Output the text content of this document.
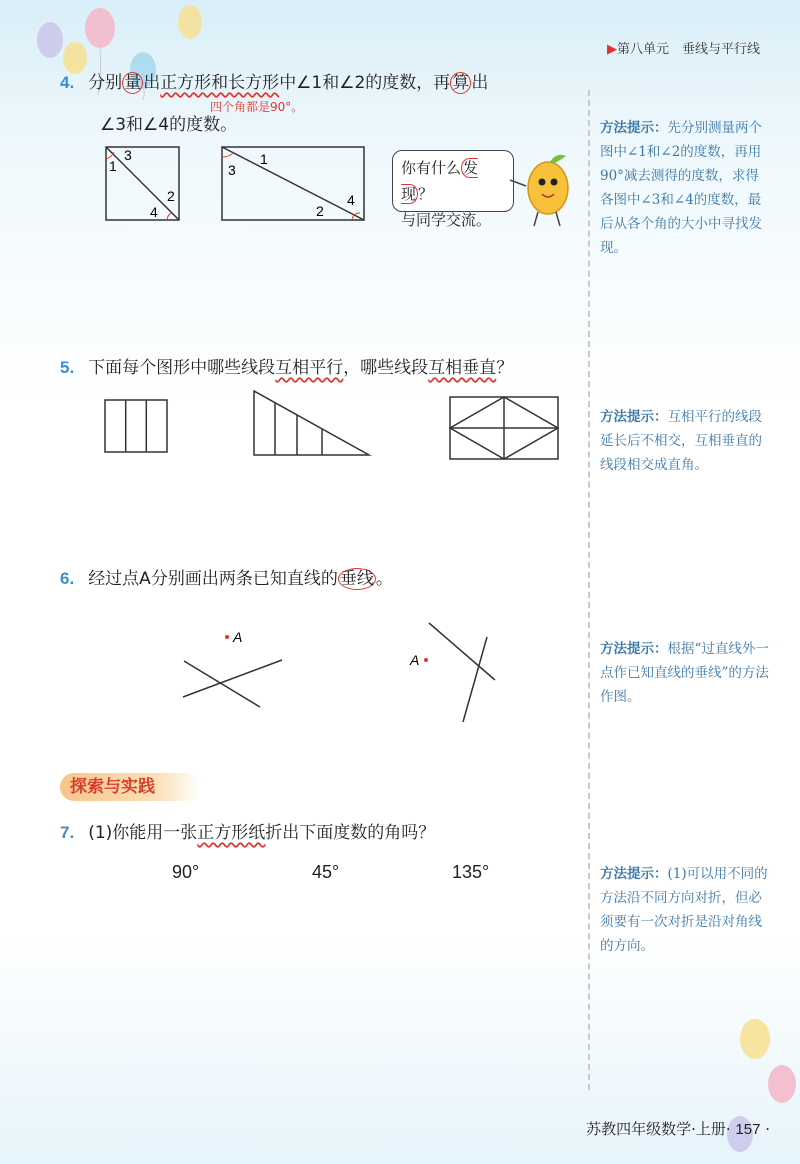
▶第八单元　垂线与平行线
4. 分别 量 出正方形和长方形中∠1和∠2的度数，再 算 出
四个角都是90°。
∠3和∠4的度数。
1
3
4
2
3
1
2
4
你有什么 发现 ？
与同学交流。
方法提示：先分别测量两个图中∠1和∠2的度数，再用90°减去测得的度数，求得各图中∠3和∠4的度数，最后从各个角的大小中寻找发现。
5. 下面每个图形中哪些线段互相平行，哪些线段互相垂直？
方法提示：互相平行的线段延长后不相交，互相垂直的线段相交成直角。
6. 经过点A分别画出两条已知直线的 垂线 。
A
A
方法提示：根据“过直线外一点作已知直线的垂线”的方法作图。
探索与实践
7. (1)你能用一张正方形纸折出下面度数的角吗？
90°	45°	135°	方法提示：(1)可以用不同的方法沿不同方向对折，但必须要有一次对折是沿对角线的方向。
苏教四年级数学·上册· 157 ·
